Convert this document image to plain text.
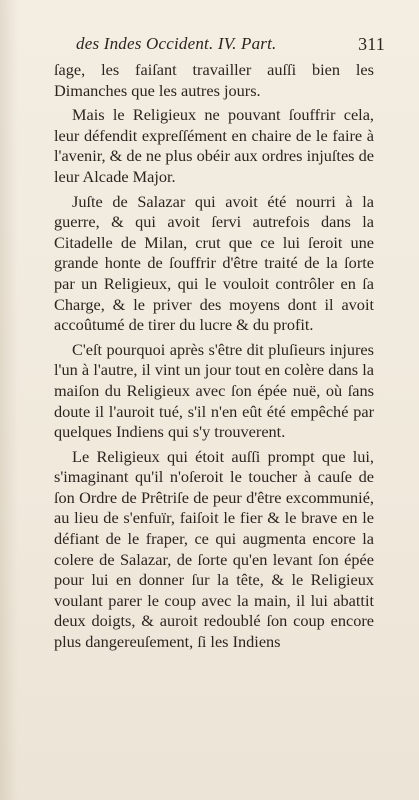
des Indes Occident. IV. Part.	311

ſage, les faiſant travailler auſſi bien les Dimanches que les autres jours.

Mais le Religieux ne pouvant ſouffrir cela, leur défendit expreſſément en chaire de le faire à l'avenir, & de ne plus obéir aux ordres injuſtes de leur Alcade Major.

Juſte de Salazar qui avoit été nourri à la guerre, & qui avoit ſervi autrefois dans la Citadelle de Milan, crut que ce lui ſeroit une grande honte de ſouffrir d'être traité de la ſorte par un Religieux, qui le vouloit contrôler en ſa Charge, & le priver des moyens dont il avoit accoûtumé de tirer du lucre & du profit.

C'eſt pourquoi après s'être dit pluſieurs injures l'un à l'autre, il vint un jour tout en colère dans la maiſon du Religieux avec ſon épée nuë, où ſans doute il l'auroit tué, s'il n'en eût été empêché par quelques Indiens qui s'y trouverent.

Le Religieux qui étoit auſſi prompt que lui, s'imaginant qu'il n'oſeroit le toucher à cauſe de ſon Ordre de Prêtriſe de peur d'être excommunié, au lieu de s'enfuïr, faiſoit le fier & le brave en le défiant de le fraper, ce qui augmenta encore la colere de Salazar, de ſorte qu'en levant ſon épée pour lui en donner ſur la tête, & le Religieux voulant parer le coup avec la main, il lui abattit deux doigts, & auroit redoublé ſon coup encore plus dangereuſement, ſi les Indiens
